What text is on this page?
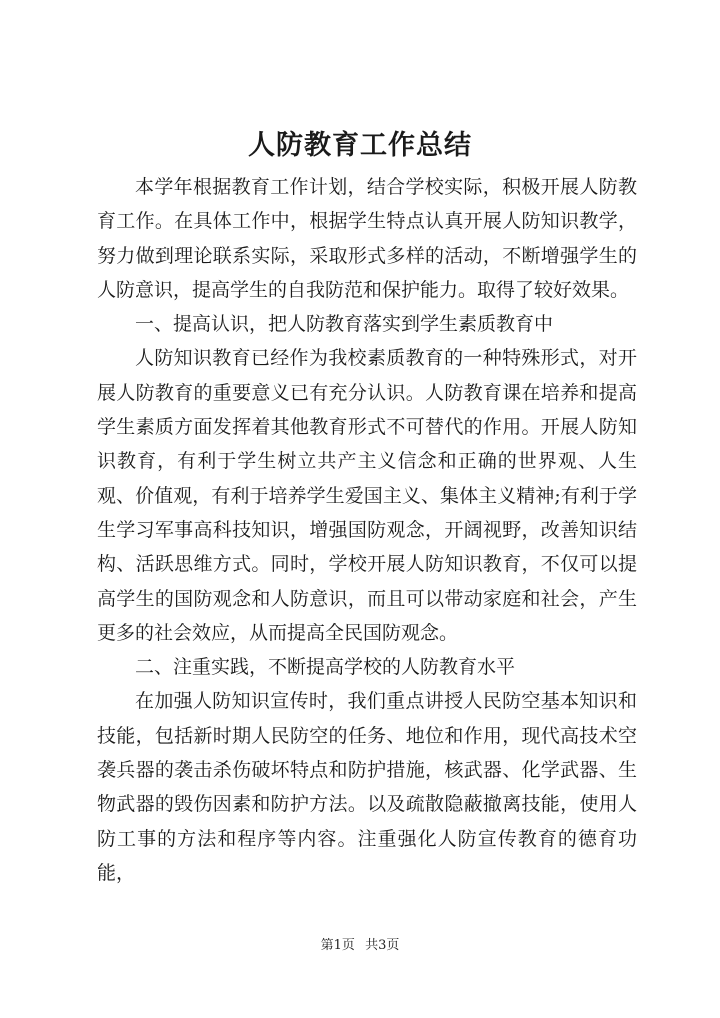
人防教育工作总结

本学年根据教育工作计划，结合学校实际，积极开展人防教育工作。在具体工作中，根据学生特点认真开展人防知识教学，努力做到理论联系实际，采取形式多样的活动，不断增强学生的人防意识，提高学生的自我防范和保护能力。取得了较好效果。

一、提高认识，把人防教育落实到学生素质教育中

人防知识教育已经作为我校素质教育的一种特殊形式，对开展人防教育的重要意义已有充分认识。人防教育课在培养和提高学生素质方面发挥着其他教育形式不可替代的作用。开展人防知识教育，有利于学生树立共产主义信念和正确的世界观、人生观、价值观，有利于培养学生爱国主义、集体主义精神;有利于学生学习军事高科技知识，增强国防观念，开阔视野，改善知识结构、活跃思维方式。同时，学校开展人防知识教育，不仅可以提高学生的国防观念和人防意识，而且可以带动家庭和社会，产生更多的社会效应，从而提高全民国防观念。

二、注重实践，不断提高学校的人防教育水平

在加强人防知识宣传时，我们重点讲授人民防空基本知识和技能，包括新时期人民防空的任务、地位和作用，现代高技术空袭兵器的袭击杀伤破坏特点和防护措施，核武器、化学武器、生物武器的毁伤因素和防护方法。以及疏散隐蔽撤离技能，使用人防工事的方法和程序等内容。注重强化人防宣传教育的德育功能，

第1页 共3页
